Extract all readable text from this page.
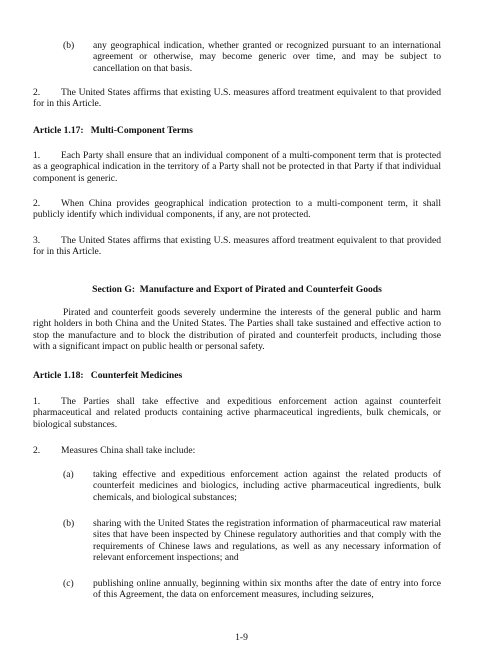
(b) any geographical indication, whether granted or recognized pursuant to an international agreement or otherwise, may become generic over time, and may be subject to cancellation on that basis.
2.	The United States affirms that existing U.S. measures afford treatment equivalent to that provided for in this Article.
Article 1.17:   Multi-Component Terms
1.	Each Party shall ensure that an individual component of a multi-component term that is protected as a geographical indication in the territory of a Party shall not be protected in that Party if that individual component is generic.
2.	When China provides geographical indication protection to a multi-component term, it shall publicly identify which individual components, if any, are not protected.
3.	The United States affirms that existing U.S. measures afford treatment equivalent to that provided for in this Article.
Section G:  Manufacture and Export of Pirated and Counterfeit Goods
Pirated and counterfeit goods severely undermine the interests of the general public and harm right holders in both China and the United States. The Parties shall take sustained and effective action to stop the manufacture and to block the distribution of pirated and counterfeit products, including those with a significant impact on public health or personal safety.
Article 1.18:   Counterfeit Medicines
1.	The Parties shall take effective and expeditious enforcement action against counterfeit pharmaceutical and related products containing active pharmaceutical ingredients, bulk chemicals, or biological substances.
2. Measures China shall take include:
(a) taking effective and expeditious enforcement action against the related products of counterfeit medicines and biologics, including active pharmaceutical ingredients, bulk chemicals, and biological substances;
(b) sharing with the United States the registration information of pharmaceutical raw material sites that have been inspected by Chinese regulatory authorities and that comply with the requirements of Chinese laws and regulations, as well as any necessary information of relevant enforcement inspections; and
(c) publishing online annually, beginning within six months after the date of entry into force of this Agreement, the data on enforcement measures, including seizures,
1-9
